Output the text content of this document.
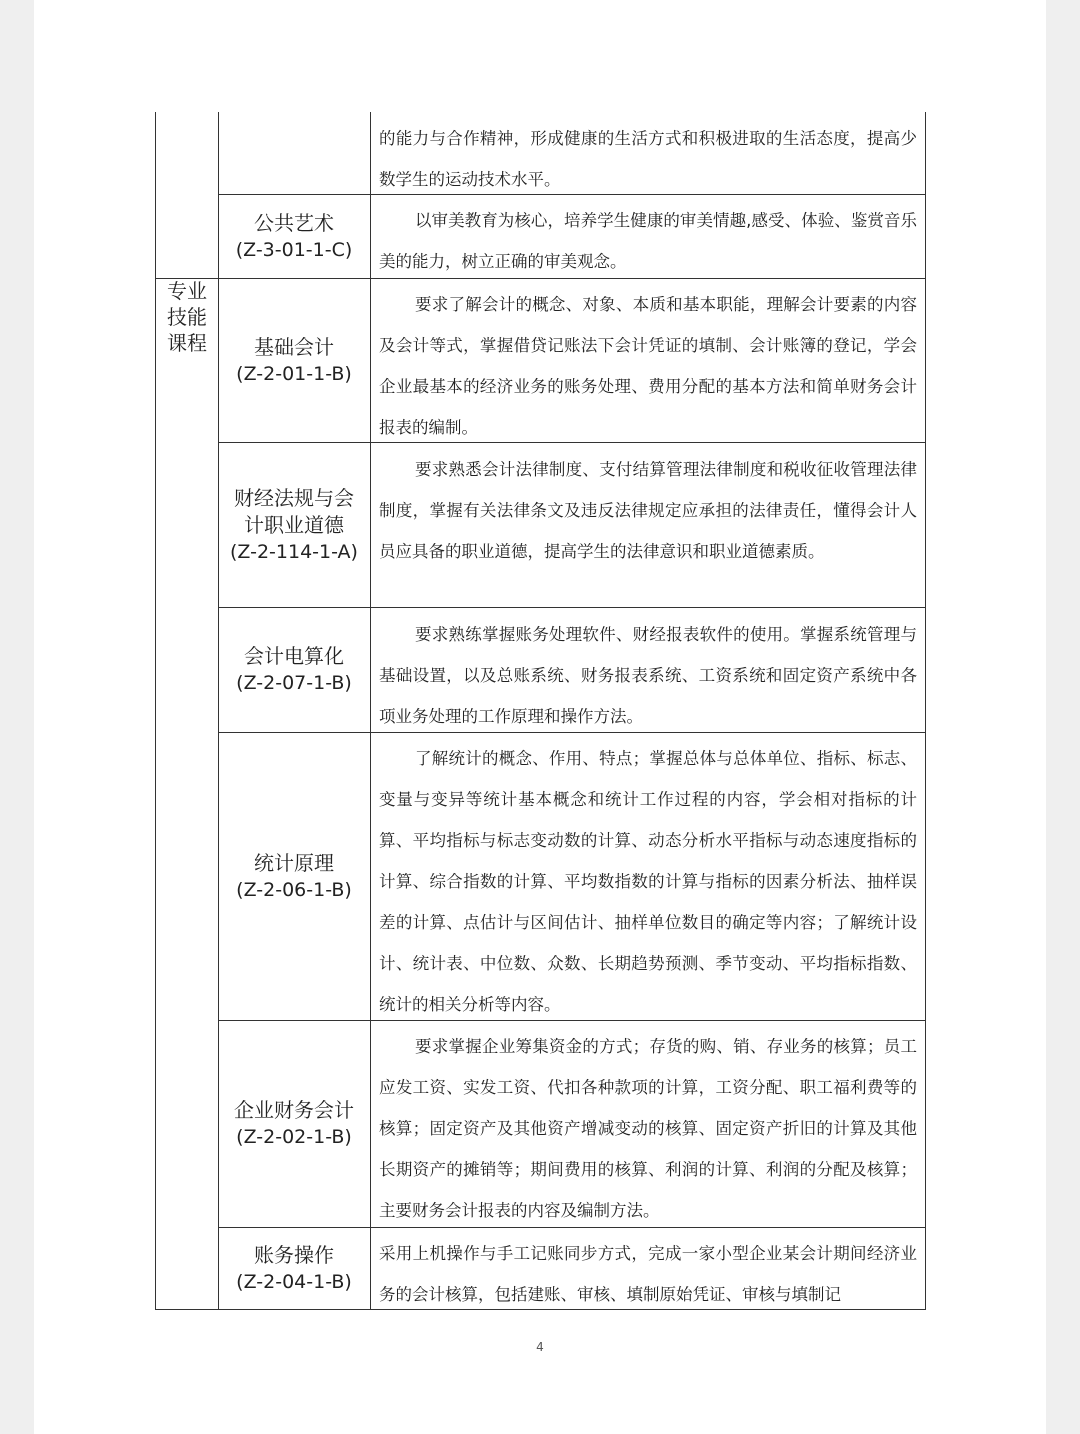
专业
技能
课程
的能力与合作精神，形成健康的生活方式和积极进取的生活态度，提高少数学生的运动技术水平。
公共艺术
(Z-3-01-1-C)
以审美教育为核心，培养学生健康的审美情趣,感受、体验、鉴赏音乐美的能力，树立正确的审美观念。
基础会计
(Z-2-01-1-B)
要求了解会计的概念、对象、本质和基本职能，理解会计要素的内容及会计等式，掌握借贷记账法下会计凭证的填制、会计账簿的登记，学会企业最基本的经济业务的账务处理、费用分配的基本方法和简单财务会计报表的编制。
财经法规与会
计职业道德
(Z-2-114-1-A)
要求熟悉会计法律制度、支付结算管理法律制度和税收征收管理法律制度，掌握有关法律条文及违反法律规定应承担的法律责任，懂得会计人员应具备的职业道德，提高学生的法律意识和职业道德素质。
会计电算化
(Z-2-07-1-B)
要求熟练掌握账务处理软件、财经报表软件的使用。掌握系统管理与基础设置，以及总账系统、财务报表系统、工资系统和固定资产系统中各项业务处理的工作原理和操作方法。
统计原理
(Z-2-06-1-B)
了解统计的概念、作用、特点；掌握总体与总体单位、指标、标志、变量与变异等统计基本概念和统计工作过程的内容，学会相对指标的计算、平均指标与标志变动数的计算、动态分析水平指标与动态速度指标的计算、综合指数的计算、平均数指数的计算与指标的因素分析法、抽样误差的计算、点估计与区间估计、抽样单位数目的确定等内容；了解统计设计、统计表、中位数、众数、长期趋势预测、季节变动、平均指标指数、统计的相关分析等内容。
企业财务会计
(Z-2-02-1-B)
要求掌握企业筹集资金的方式；存货的购、销、存业务的核算；员工应发工资、实发工资、代扣各种款项的计算，工资分配、职工福利费等的核算；固定资产及其他资产增减变动的核算、固定资产折旧的计算及其他长期资产的摊销等；期间费用的核算、利润的计算、利润的分配及核算；主要财务会计报表的内容及编制方法。
账务操作
(Z-2-04-1-B)
采用上机操作与手工记账同步方式，完成一家小型企业某会计期间经济业务的会计核算，包括建账、审核、填制原始凭证、审核与填制记
4
